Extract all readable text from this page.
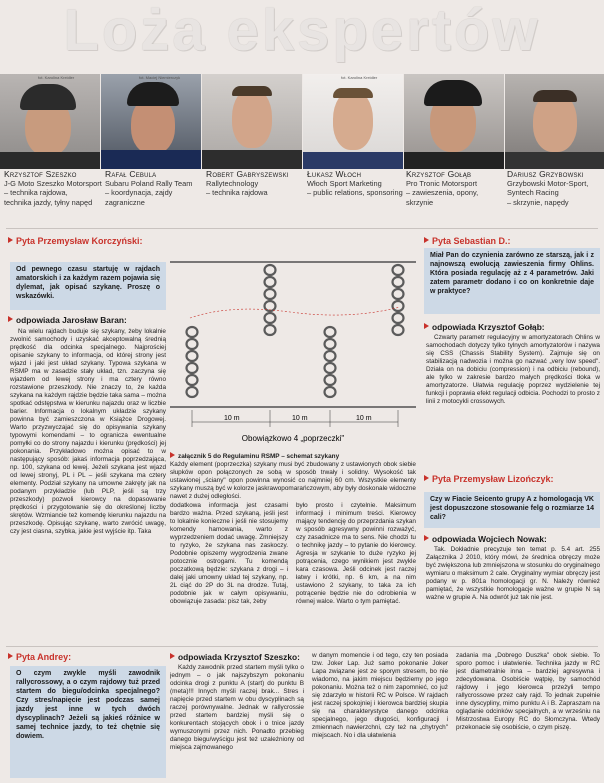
Loża ekspertów
fot. Karolina Kreidler	fot. Maciej Niemierczyk	fot. Karolina Kreidler
Krzysztof Szeszko
J-G Moto Szeszko Motorsport
– technika rajdowa,
technika jazdy, tyłny napęd
Rafał Cebula
Subaru Poland Rally Team
– koordynacja, zajdy
zagraniczne
Robert Gabryszewski
Rallytechnology
– technika rajdowa
Łukasz Włoch
Włoch Sport Marketing
– public relations, sponsoring
Krzysztof Gołąb
Pro Tronic Motorsport
– zawieszenia, opony, skrzynie
Dariusz Grzybowski
Grzybowski Motor-Sport,
Syntech Racing
– skrzynie, napędy
Pyta Przemysław Korczyński:
Od pewnego czasu startuję w rajdach amatorskich i za każdym razem pojawia się dylemat, jak opisać szykanę. Proszę o wskazówki.
odpowiada Jarosław Baran:

Na wielu rajdach buduje się szykany, żeby lokalnie zwolnić samochody i uzyskać akceptowalną średnią prędkość dla odcinka specjalnego. Najprościej opisanie szykany to informacja, od której strony jest wjazd i jaki jest układ szykany. Typowa szykana w RSMP ma w zasadzie stały układ, tzn. zaczyna się wjazdem od lewej strony i ma cztery równo rozstawione przeszkody. Nie znaczy to, że każda szykana na każdym rajdzie będzie taka sama – można spotkać odstępstwa w kierunku najazdu oraz w liczbie barier. Informacja o lokalnym układzie szykany powinna być zamieszczona w Książce Drogowej. Warto przyzwyczajać się do opisywania szykany typowymi komendami – to ogranicza ewentualne pomyłki co do strony najazdu i kierunku (prędkości) jej pokonania. Przykładowo można opisać to w następujący sposób: jakaś informacja poprzedzająca, np. 100, szykana od lewej. Jeżeli szykana jest wjazd od lewej stronyj, PL i PL – jeśli szykana ma cztery elementy. Podział szykany na umowne zakręty jak na podanym przykładzie (lub PLP, jeśli są trzy przeszkody) pozwoli kierowcy na dopasowanie prędkości i przygotowanie się do określonej liczby skrętów. Wzmiancie też komendę kierunku najazdu na przeszkodę. Opisując szykanę, warto zwrócić uwagę, czy jest ciasna, szybka, jakie jest wyjście itp. Taka

10 m	10 m	10 m
Obowiązkowo 4 „poprzeczki"
załącznik 5 do Regulaminu RSMP – schemat szykany
Każdy element (poprzeczka) szykany musi być zbudowany z ustawionych obok siebie słupków opon połączonych ze sobą w sposób trwały i solidny. Wysokość tak ustawionej „ściany" opon powinna wynosić co najmniej 60 cm. Wszystkie elementy szykany muszą być w kolorze jaskrawopomarańczowym, aby były doskonale widoczne nawet z dużej odległości.

dodatkowa informacja jest czasami bardzo ważna. Przed szykaną, jeśli jest to lokalnie konieczne i jeśli nie stosujemy komendy hamowania, warto z wyprzedzeniem dodać uwagę. Zmniejszy to ryzyko, że szykana nas zaskoczy. Podobnie opiszemy wygrodzenia zwane potocznie ostrogami. Tu komendą poczatkową będzie: szykana z drogi – i dalej jaki umowny układ tej szykany, np. 2L ciąć do 2P do 3L na drodze. Tutaj, podobnie jak w całym opisywaniu, obowiązuje zasada: pisz tak, żeby

było prosto i czytelnie. Maksimum informacji i minimum treści. Kierowcy mający tendencję do przeprzdania szykan w sposób agresywny powinni rozważyć, czy zasadnicze ma to sens. Nie chodzi tu o technikę jazdy – to pytanie do kierowcy. Agresja w szykanie to duże ryzyko jej potrącenia, czego wynikiem jest zwykle kara czasowa. Jeśli odcinek jest raczej łatwy i krótki, np. 6 km, a na nim ustawiono 2 szykany, to taka za ich potrącenie będzie nie do odrobienia w równej walce. Warto o tym pamiętać.

Pyta Sebastian D.:
Miał Pan do czynienia zarówno ze starszą, jak i z najnowszą ewolucją zawieszenia firmy Ohlins. Która posiada regulację aż z 4 parametrów. Jaki zatem parametr dodano i co on konkretnie daje w praktyce?
odpowiada Krzysztof Gołąb:

Czwarty parametr regulacyjny w amortyzatorach Ohlins w samochodach dotyczy tylko tylnych amortyzatorów i nazywa się CSS (Chassis Stability System). Zajmuje się on stabilizacją nadwozia i można go nazwać „very low speed". Działa on na dobiciu (compression) i na odbiciu (rebound), ale tylko w zakresie bardzo małych prędkości tłoka w amortyzatorze. Ułatwia regulację poprzez wydzielenie tej funkcji i poprawia efekt regulacji odbicia. Pochodzi to prosto z linii z motocykli crossowych.

Pyta Przemysław Lizończyk:
Czy w Fiacie Seicento grupy A z homologacją VK jest dopuszczone stosowanie felg o rozmiarze 14 cali?
odpowiada Wojciech Nowak:

Tak. Dokładnie precyzuje ten temat p. 5.4 art. 255 Załącznika J 2010, który mówi, że średnica obręczy może być zwiększona lub zmniejszona w stosunku do oryginalnego wymiaru o maksimum 2 cale. Oryginalny wymiar obręczy jest podany w p. 801a homologacji gr. N. Należy również pamiętać, że wszystkie homologacje ważne w grupie N są ważne w grupie A. Na odwrót już tak nie jest.

Pyta Andrey:
O czym zwykle myśli zawodnik rallycrossowy, a o czym rajdowy tuż przed startem do biegu/odcinka specjalnego? Czy stres/napięcie jest podczas samej jazdy jest inne w tych dwóch dyscyplinach? Jeżeli są jakieś różnice w samej technice jazdy, to też chętnie się dowiem.
odpowiada Krzysztof Szeszko:

Każdy zawodnik przed startem myśli tylko o jednym – o jak najszybszym pokonaniu odcinka drogi z punktu A (start) do punktu B (meta)!!! Innych myśli raczej brak... Stres i napięcie przed startem w obu dyscyplinach są raczej porównywalne. Jednak w rallycrossie przed startem bardziej myśli się o konkurentach stojących obok i o tnice jazdy wymuszonymi przez nich. Ponadto przebieg danego biegu/wyścigu jest też uzależniony od miejsca zajmowanego

w danym momencie i od tego, czy ten posiada tzw. Joker Lap. Już samo pokonanie Joker Lapa związane jest ze sporym stresem, bo nie wiadomo, na jakim miejscu będziemy po jego pokonaniu. Można też o nim zapomnieć, co już się zdarzyło w historii RC w Polsce. W rajdach jest raczej spokojniej i kierowca bardziej skupia się na charakterystyce danego odcinka specjalnego, jego długości, konfiguracji i zmiennach nawierzchni, czy też na „chytrych" miejscach. No i dla ułatwienia

zadania ma „Dobrego Duszka" obok siebie. To sporo pomoc i ułatwienie. Technika jazdy w RC jest diametralnie inna – bardziej agresywna i zdecydowana. Osobiście wątpię, by samochód rajdowy i jego kierowca przeżyli tempo rallycrossowe przez cały rajd. To jednak zupełnie inne dyscypliny, mimo punktu A i B. Zapraszam na oglądanie odcinków specjalnych, a w wrześniu na Mistrzostwa Europy RC do Słomczyna. Wtedy przekonacie się osobiście, o czym piszę.
